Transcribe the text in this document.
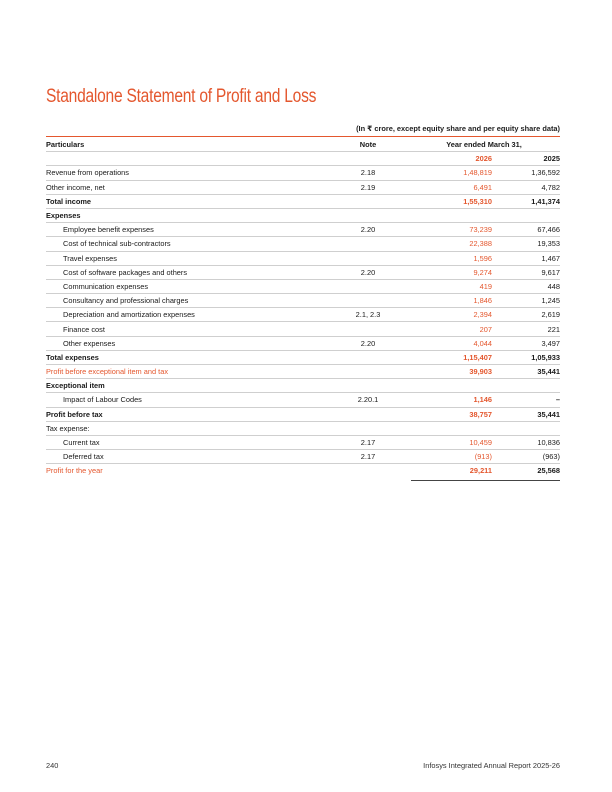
Standalone Statement of Profit and Loss
(In ₹ crore, except equity share and per equity share data)
Particulars	Note	Year ended March 31,	
		2026	2025
Revenue from operations	2.18	1,48,819	1,36,592
Other income, net	2.19	6,491	4,782
Total income		1,55,310	1,41,374
Expenses			
Employee benefit expenses	2.20	73,239	67,466
Cost of technical sub-contractors		22,388	19,353
Travel expenses		1,596	1,467
Cost of software packages and others	2.20	9,274	9,617
Communication expenses		419	448
Consultancy and professional charges		1,846	1,245
Depreciation and amortization expenses	2.1, 2.3	2,394	2,619
Finance cost		207	221
Other expenses	2.20	4,044	3,497
Total expenses		1,15,407	1,05,933
Profit before exceptional item and tax		39,903	35,441
Exceptional item			
Impact of Labour Codes	2.20.1	1,146	–
Profit before tax		38,757	35,441
Tax expense:			
Current tax	2.17	10,459	10,836
Deferred tax	2.17	(913)	(963)
Profit for the year		29,211	25,568
240	Infosys Integrated Annual Report 2025-26
